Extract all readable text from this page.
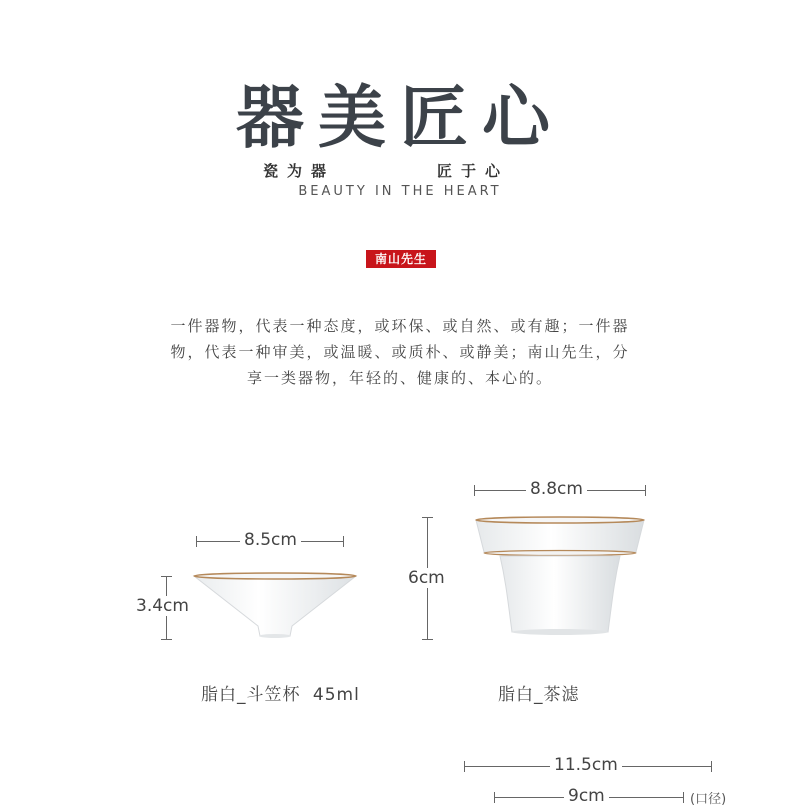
器美匠心
瓷为器	匠于心
BEAUTY IN THE HEART
南山先生
一件器物，代表一种态度，或环保、或自然、或有趣；一件器
物，代表一种审美，或温暖、或质朴、或静美；南山先生，分
享一类器物，年轻的、健康的、本心的。
8.5cm
3.4cm
脂白_斗笠杯 45ml
8.8cm
6cm
脂白_茶滤
11.5cm
9cm	(口径)
